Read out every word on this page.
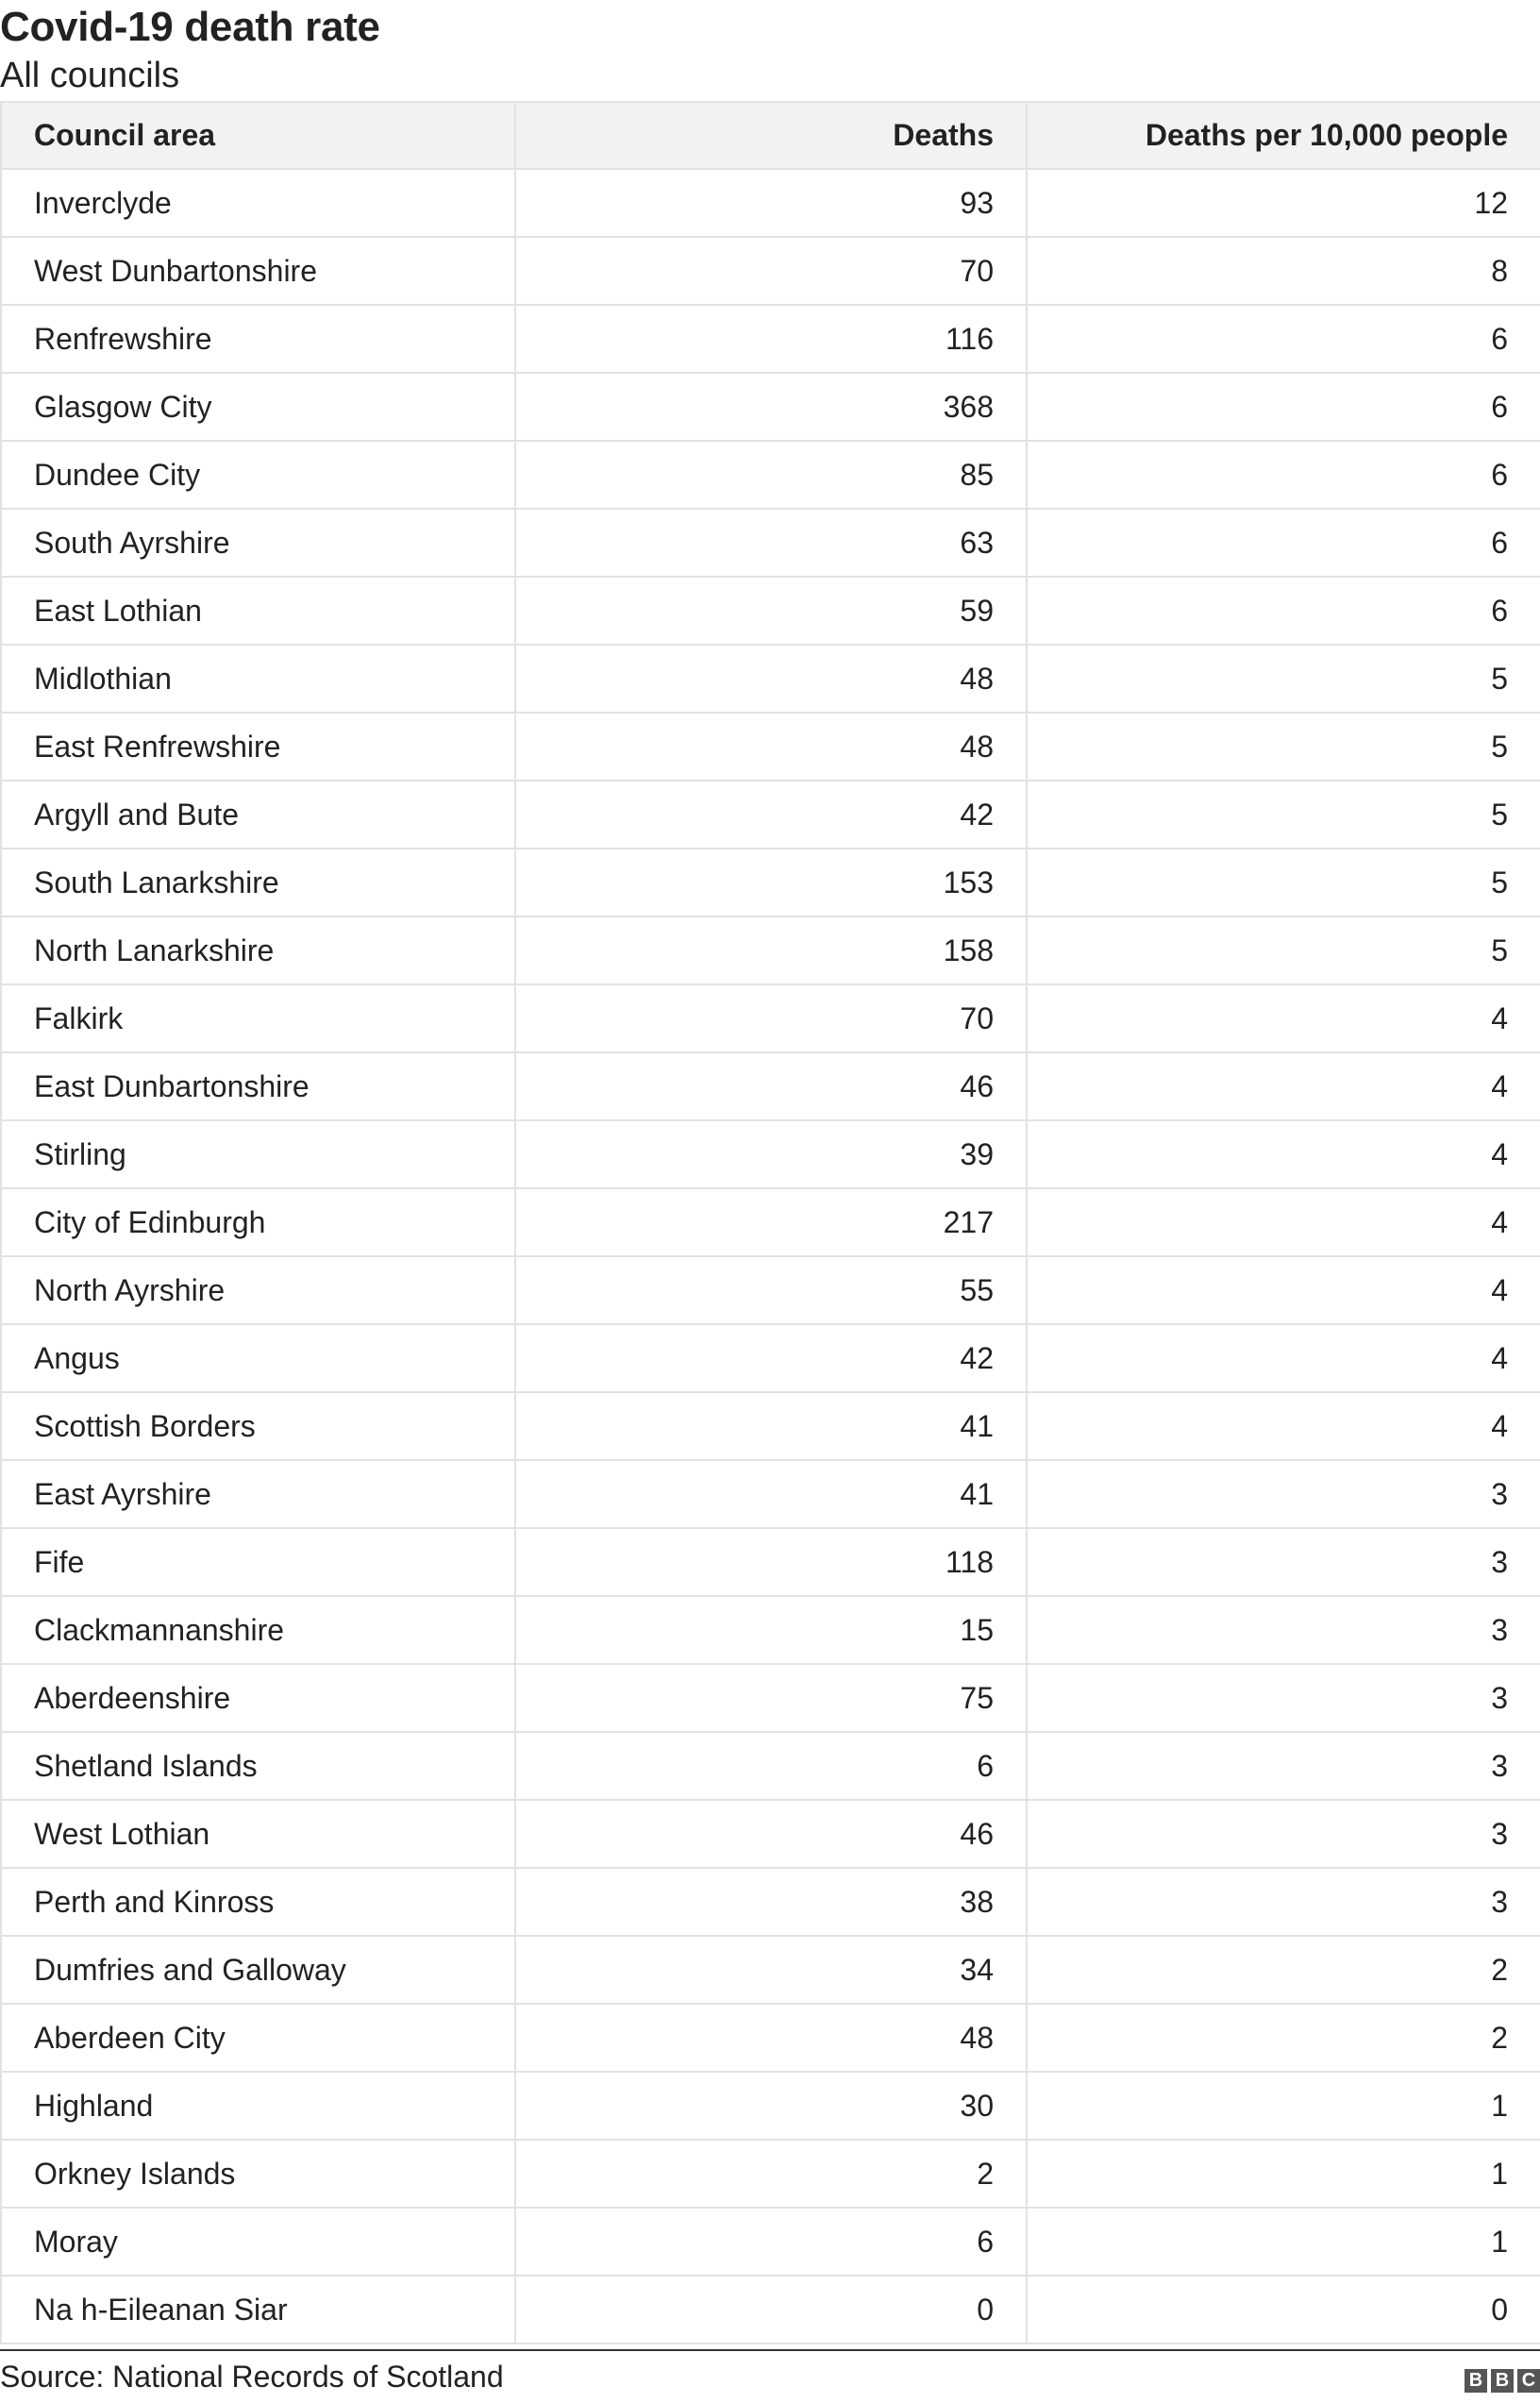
Covid-19 death rate
All councils
Council area	Deaths	Deaths per 10,000 people
Inverclyde	93	12
West Dunbartonshire	70	8
Renfrewshire	116	6
Glasgow City	368	6
Dundee City	85	6
South Ayrshire	63	6
East Lothian	59	6
Midlothian	48	5
East Renfrewshire	48	5
Argyll and Bute	42	5
South Lanarkshire	153	5
North Lanarkshire	158	5
Falkirk	70	4
East Dunbartonshire	46	4
Stirling	39	4
City of Edinburgh	217	4
North Ayrshire	55	4
Angus	42	4
Scottish Borders	41	4
East Ayrshire	41	3
Fife	118	3
Clackmannanshire	15	3
Aberdeenshire	75	3
Shetland Islands	6	3
West Lothian	46	3
Perth and Kinross	38	3
Dumfries and Galloway	34	2
Aberdeen City	48	2
Highland	30	1
Orkney Islands	2	1
Moray	6	1
Na h-Eileanan Siar	0	0
Source: National Records of Scotland	B B C
